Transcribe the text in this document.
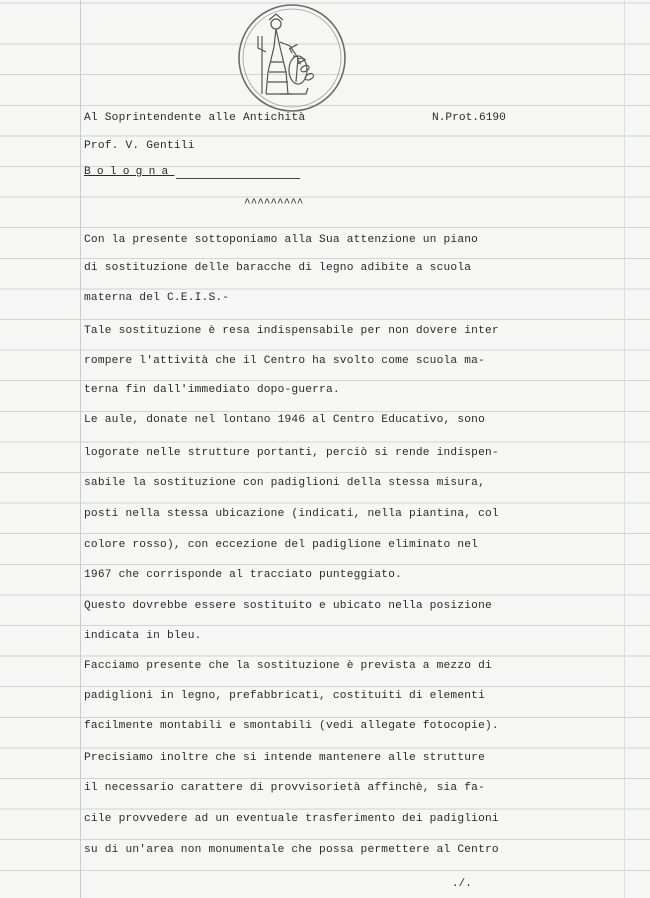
L.400
Al Soprintendente alle Antichità	N.Prot.6190
Prof. V. Gentili
Bologna
^^^^^^^^^
Con la presente sottoponiamo alla Sua attenzione un piano
di sostituzione delle baracche di legno adibite a scuola
materna del C.E.I.S.-
Tale sostituzione è resa indispensabile per non dovere inter
rompere l'attività che il Centro ha svolto come scuola ma-
terna fin dall'immediato dopo-guerra.
Le aule, donate nel lontano 1946 al Centro Educativo, sono
logorate nelle strutture portanti, perciò si rende indispen-
sabile la sostituzione con padiglioni della stessa misura,
posti nella stessa ubicazione (indicati, nella piantina, col
colore rosso), con eccezione del padiglione eliminato nel
1967 che corrisponde al tracciato punteggiato.
Questo dovrebbe essere sostituito e ubicato nella posizione
indicata in bleu.
Facciamo presente che la sostituzione è prevista a mezzo di
padiglioni in legno, prefabbricati, costituiti di elementi
facilmente montabili e smontabili (vedi allegate fotocopie).
Precisiamo inoltre che si intende mantenere alle strutture
il necessario carattere di provvisorietà affinchè, sia fa-
cile provvedere ad un eventuale trasferimento dei padiglioni
su di un'area non monumentale che possa permettere al Centro
./.
